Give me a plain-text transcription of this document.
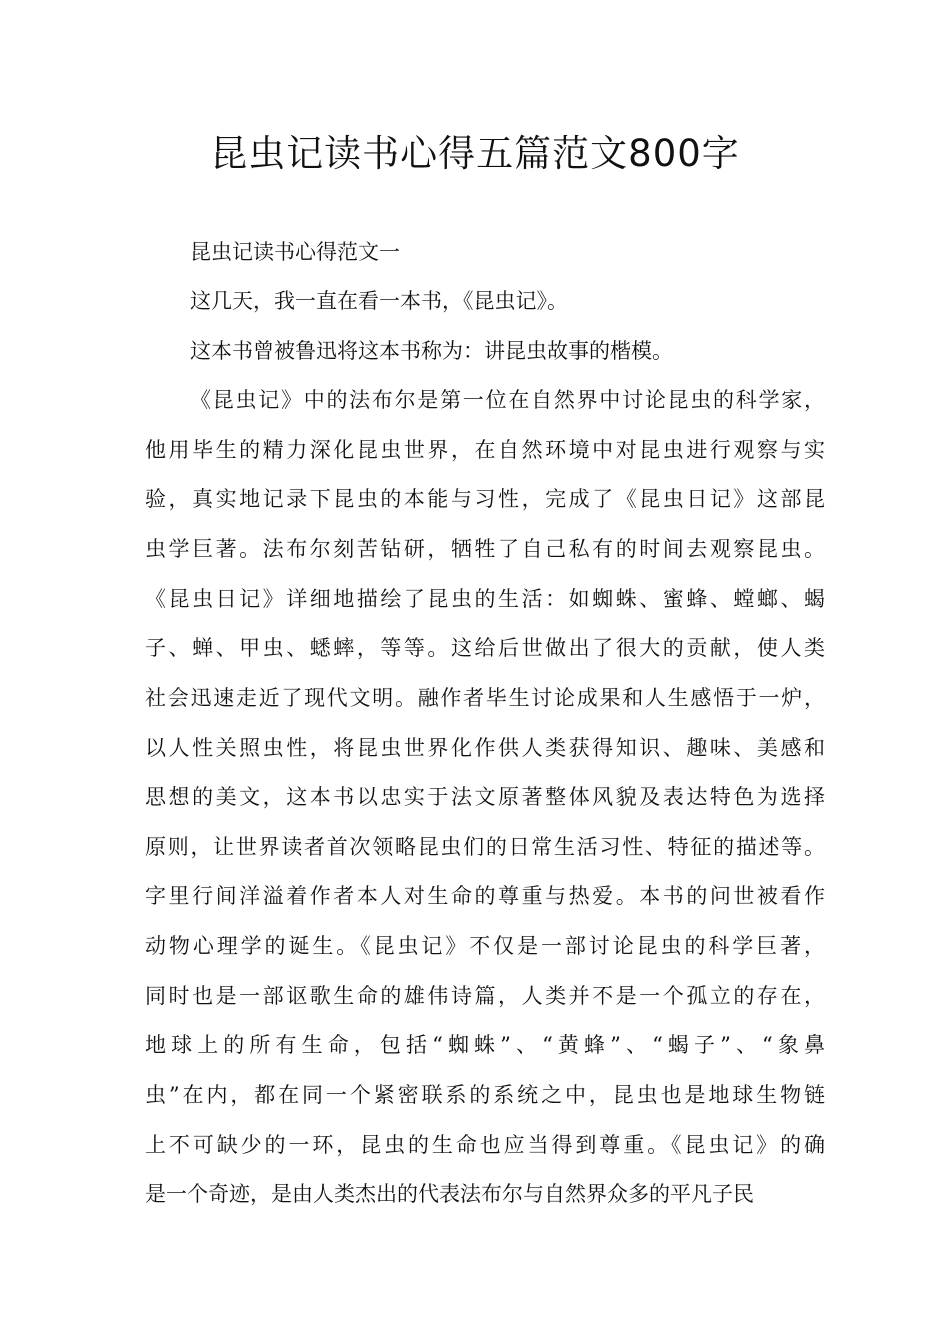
昆虫记读书心得五篇范文800字

昆虫记读书心得范文一

这几天，我一直在看一本书，《昆虫记》。

这本书曾被鲁迅将这本书称为：讲昆虫故事的楷模。

《昆虫记》中的法布尔是第一位在自然界中讨论昆虫的科学家，

他用毕生的精力深化昆虫世界，在自然环境中对昆虫进行观察与实

验，真实地记录下昆虫的本能与习性，完成了《昆虫日记》这部昆

虫学巨著。法布尔刻苦钻研，牺牲了自己私有的时间去观察昆虫。

《昆虫日记》详细地描绘了昆虫的生活：如蜘蛛、蜜蜂、螳螂、蝎

子、蝉、甲虫、蟋蟀，等等。这给后世做出了很大的贡献，使人类

社会迅速走近了现代文明。融作者毕生讨论成果和人生感悟于一炉，

以人性关照虫性，将昆虫世界化作供人类获得知识、趣味、美感和

思想的美文，这本书以忠实于法文原著整体风貌及表达特色为选择

原则，让世界读者首次领略昆虫们的日常生活习性、特征的描述等。

字里行间洋溢着作者本人对生命的尊重与热爱。本书的问世被看作

动物心理学的诞生。《昆虫记》不仅是一部讨论昆虫的科学巨著，

同时也是一部讴歌生命的雄伟诗篇，人类并不是一个孤立的存在，

地球上的所有生命，包括“蜘蛛”、“黄蜂”、“蝎子”、“象鼻

虫”在内，都在同一个紧密联系的系统之中，昆虫也是地球生物链

上不可缺少的一环，昆虫的生命也应当得到尊重。《昆虫记》的确

是一个奇迹，是由人类杰出的代表法布尔与自然界众多的平凡子民
